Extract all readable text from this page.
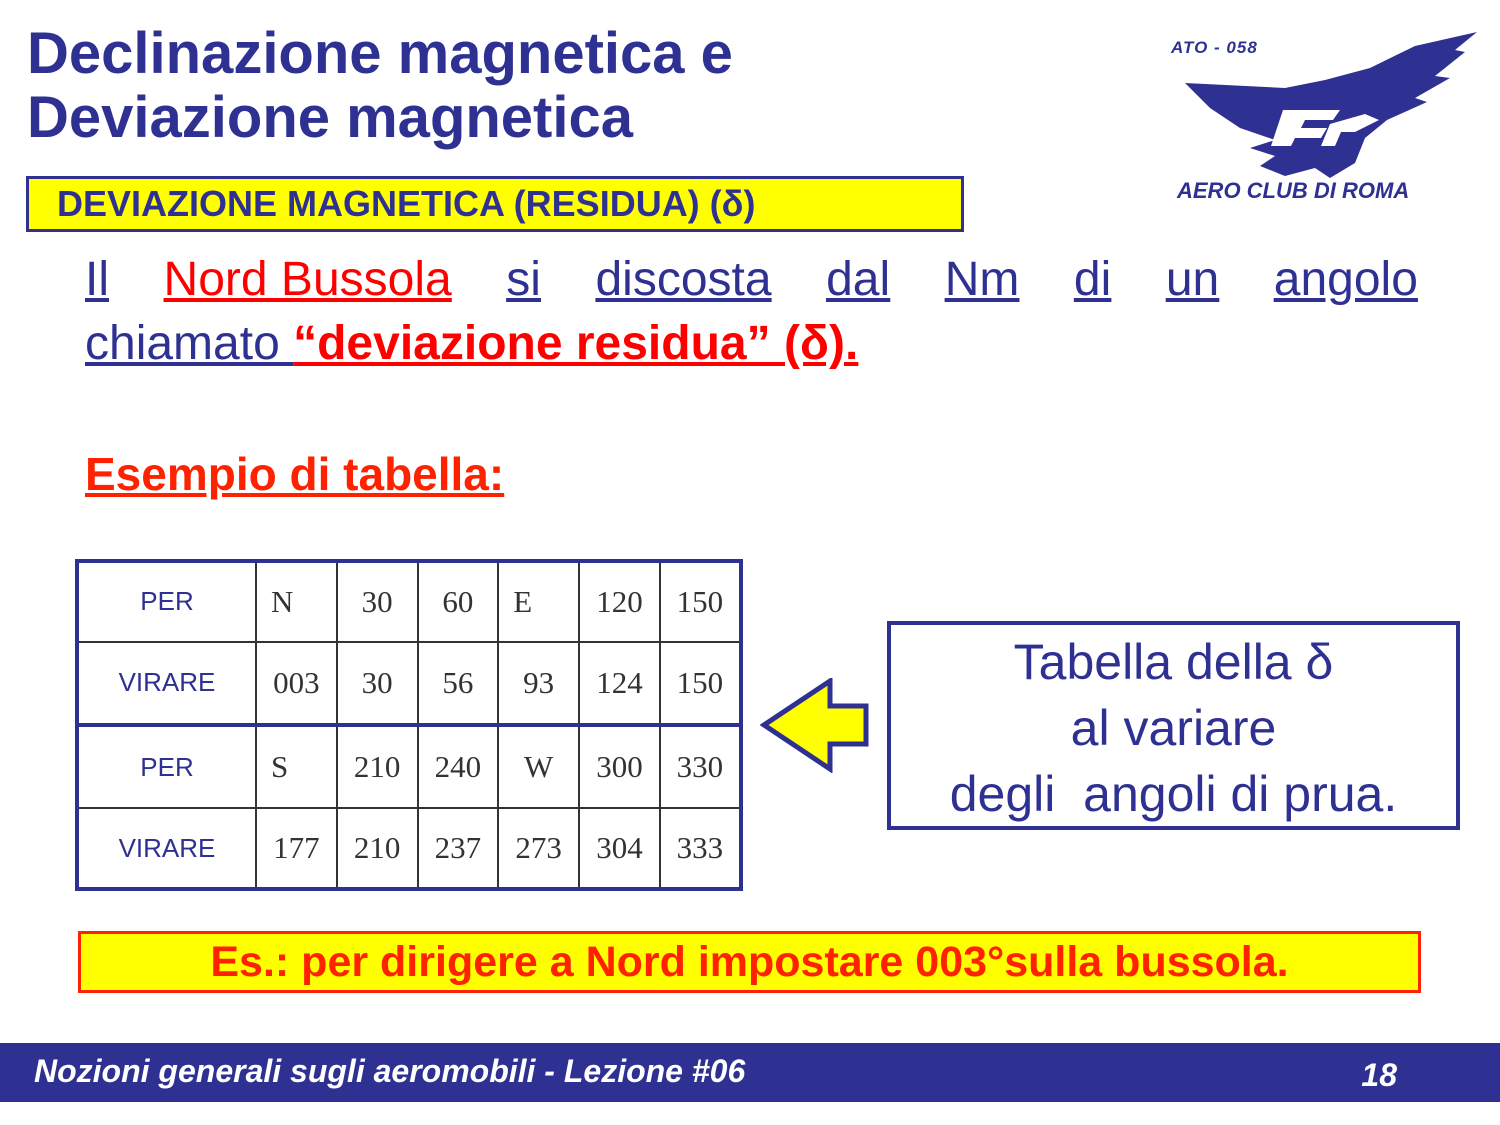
Declinazione magnetica e
Deviazione magnetica
ATO - 058
AERO CLUB DI ROMA
DEVIAZIONE MAGNETICA (RESIDUA) (δ)
Il Nord Bussola si discosta dal Nm di un angolo
chiamato “deviazione residua” (δ).
Esempio di tabella:
PER	N	30	60	E	120	150
VIRARE	003	30	56	93	124	150
PER	S	210	240	W	300	330
VIRARE	177	210	237	273	304	333
Tabella della δ
al variare
degli  angoli di prua.
Es.: per dirigere a Nord impostare 003°sulla bussola.
Nozioni generali sugli aeromobili - Lezione #06	18
